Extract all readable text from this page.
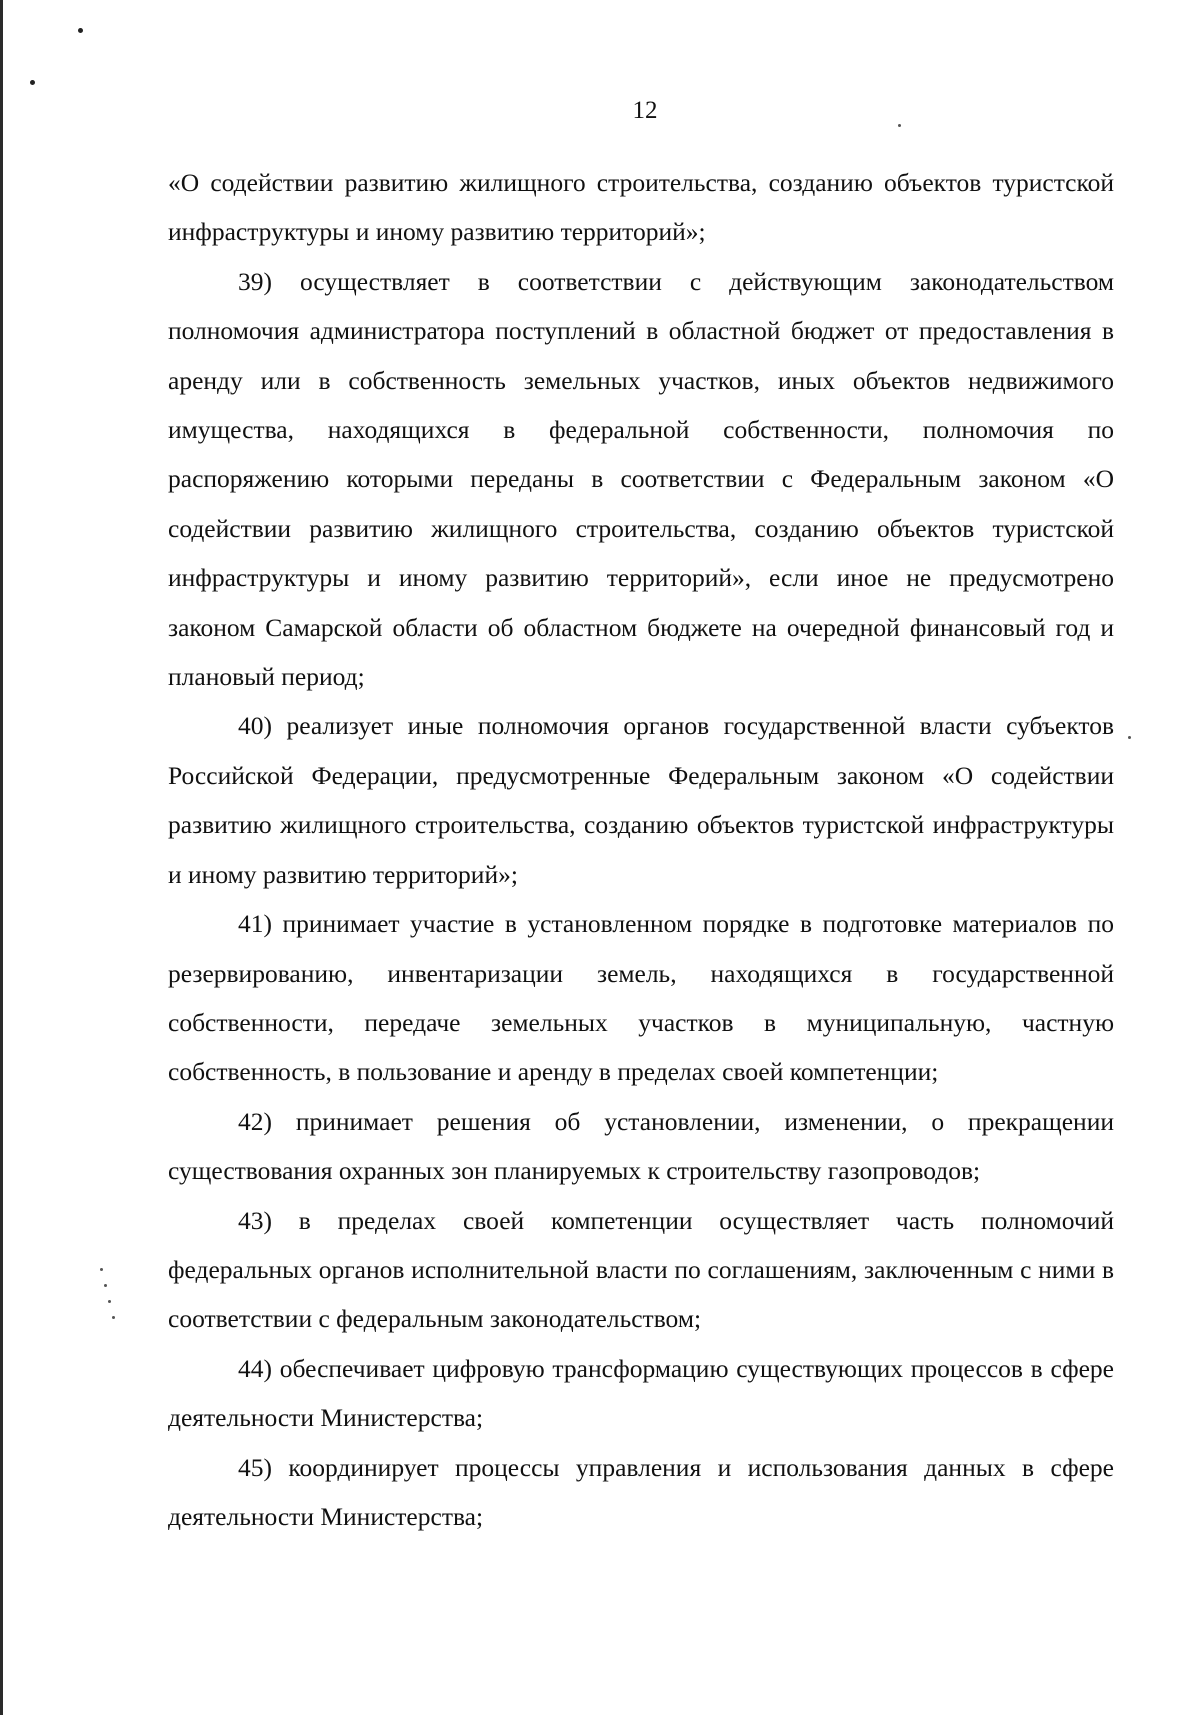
12

«О содействии развитию жилищного строительства, созданию объектов туристской инфраструктуры и иному развитию территорий»;

39) осуществляет в соответствии с действующим законодательством полномочия администратора поступлений в областной бюджет от предоставления в аренду или в собственность земельных участков, иных объектов недвижимого имущества, находящихся в федеральной собственности, полномочия по распоряжению которыми переданы в соответствии с Федеральным законом «О содействии развитию жилищного строительства, созданию объектов туристской инфраструктуры и иному развитию территорий», если иное не предусмотрено законом Самарской области об областном бюджете на очередной финансовый год и плановый период;

40) реализует иные полномочия органов государственной власти субъектов Российской Федерации, предусмотренные Федеральным законом «О содействии развитию жилищного строительства, созданию объектов туристской инфраструктуры и иному развитию территорий»;

41) принимает участие в установленном порядке в подготовке материалов по резервированию, инвентаризации земель, находящихся в государственной собственности, передаче земельных участков в муниципальную, частную собственность, в пользование и аренду в пределах своей компетенции;

42) принимает решения об установлении, изменении, о прекращении существования охранных зон планируемых к строительству газопроводов;

43) в пределах своей компетенции осуществляет часть полномочий федеральных органов исполнительной власти по соглашениям, заключенным с ними в соответствии с федеральным законодательством;

44) обеспечивает цифровую трансформацию существующих процессов в сфере деятельности Министерства;

45) координирует процессы управления и использования данных в сфере деятельности Министерства;
